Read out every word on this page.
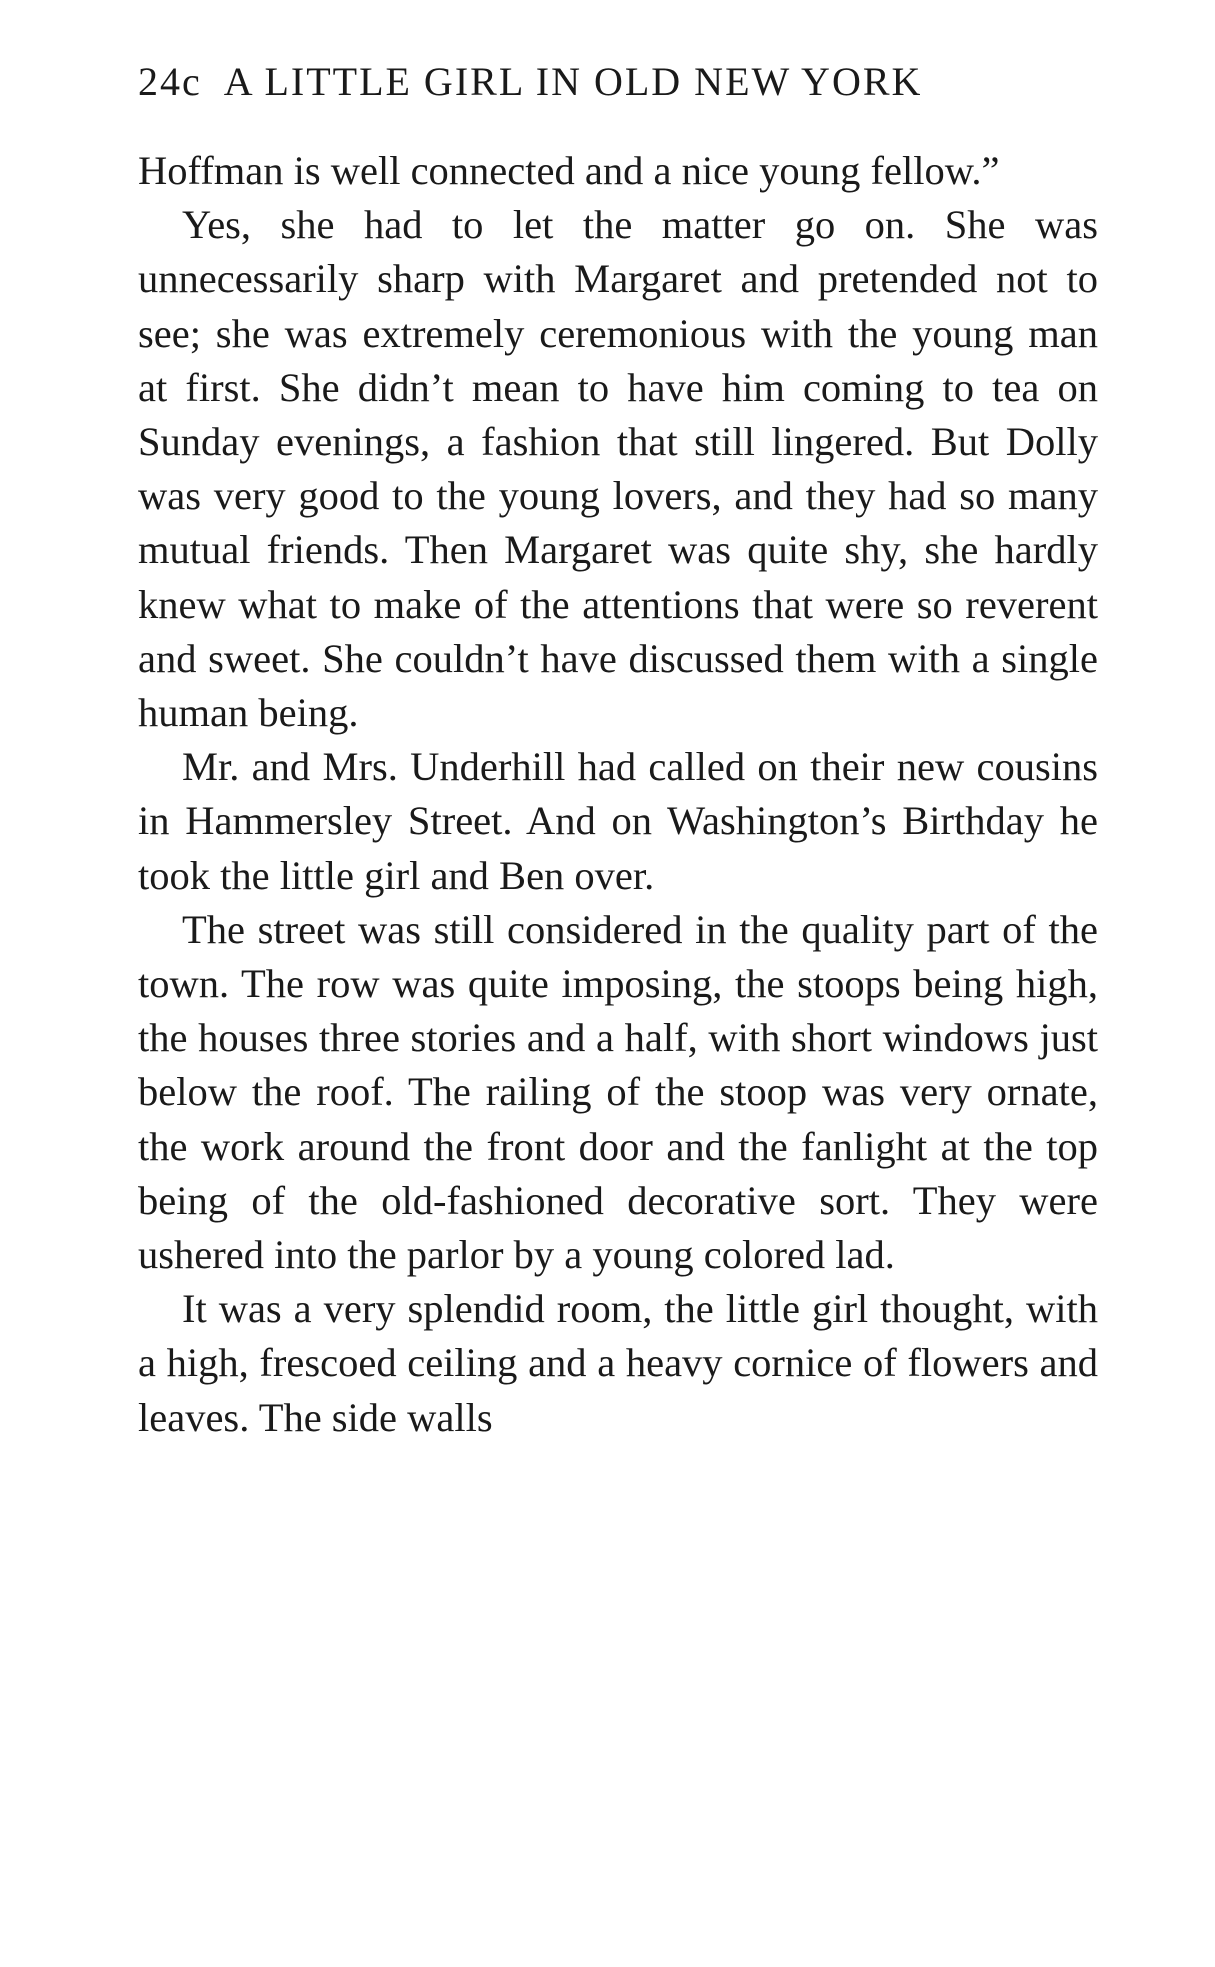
24c A LITTLE GIRL IN OLD NEW YORK

Hoffman is well connected and a nice young fellow.”

Yes, she had to let the matter go on. She was unnecessarily sharp with Margaret and pretended not to see; she was extremely ceremonious with the young man at first. She didn’t mean to have him coming to tea on Sunday evenings, a fashion that still lingered. But Dolly was very good to the young lovers, and they had so many mutual friends. Then Margaret was quite shy, she hardly knew what to make of the attentions that were so reverent and sweet. She couldn’t have discussed them with a single human being.

Mr. and Mrs. Underhill had called on their new cousins in Hammersley Street. And on Washington’s Birthday he took the little girl and Ben over.

The street was still considered in the quality part of the town. The row was quite imposing, the stoops being high, the houses three stories and a half, with short windows just below the roof. The railing of the stoop was very ornate, the work around the front door and the fanlight at the top being of the old-fashioned decorative sort. They were ushered into the parlor by a young colored lad.

It was a very splendid room, the little girl thought, with a high, frescoed ceiling and a heavy cornice of flowers and leaves. The side walls
